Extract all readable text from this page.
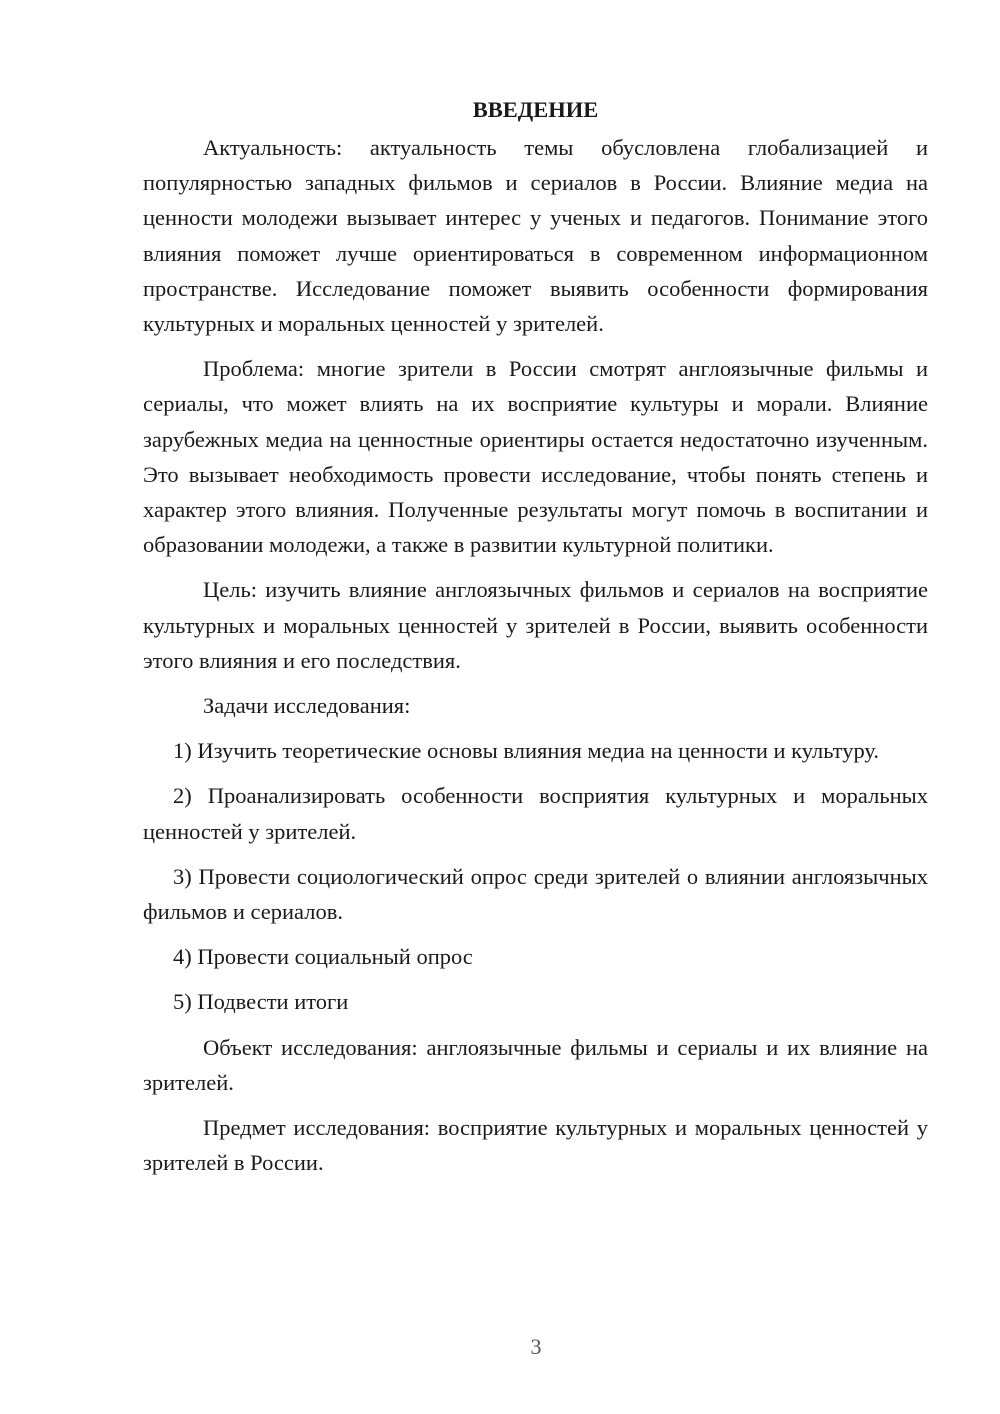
ВВЕДЕНИЕ

Актуальность: актуальность темы обусловлена глобализацией и популярностью западных фильмов и сериалов в России. Влияние медиа на ценности молодежи вызывает интерес у ученых и педагогов. Понимание этого влияния поможет лучше ориентироваться в современном информационном пространстве. Исследование поможет выявить особенности формирования культурных и моральных ценностей у зрителей.

Проблема: многие зрители в России смотрят англоязычные фильмы и сериалы, что может влиять на их восприятие культуры и морали. Влияние зарубежных медиа на ценностные ориентиры остается недостаточно изученным. Это вызывает необходимость провести исследование, чтобы понять степень и характер этого влияния. Полученные результаты могут помочь в воспитании и образовании молодежи, а также в развитии культурной политики.

Цель: изучить влияние англоязычных фильмов и сериалов на восприятие культурных и моральных ценностей у зрителей в России, выявить особенности этого влияния и его последствия.

Задачи исследования:

1) Изучить теоретические основы влияния медиа на ценности и культуру.

2) Проанализировать особенности восприятия культурных и моральных ценностей у зрителей.

3) Провести социологический опрос среди зрителей о влиянии англоязычных фильмов и сериалов.

4) Провести социальный опрос

5) Подвести итоги

Объект исследования: англоязычные фильмы и сериалы и их влияние на зрителей.

Предмет исследования: восприятие культурных и моральных ценностей у зрителей в России.

3
